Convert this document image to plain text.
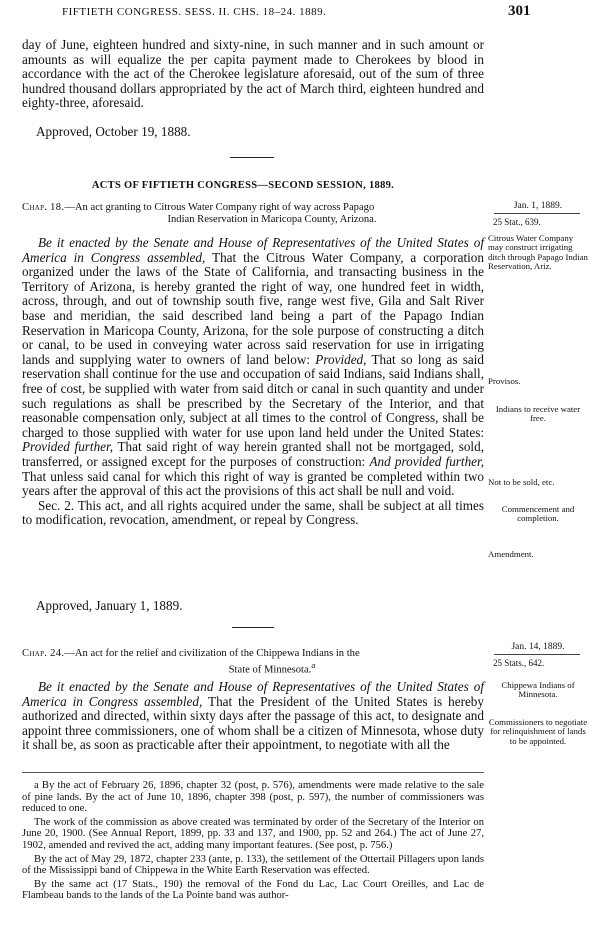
FIFTIETH CONGRESS. SESS. II. CHS. 18–24. 1889.	301

day of June, eighteen hundred and sixty-nine, in such manner and in such amount or amounts as will equalize the per capita payment made to Cherokees by blood in accordance with the act of the Cherokee legislature aforesaid, out of the sum of three hundred thousand dollars appropriated by the act of March third, eighteen hundred and eighty-three, aforesaid.

Approved, October 19, 1888.
ACTS OF FIFTIETH CONGRESS—SECOND SESSION, 1889.
Chap. 18.—An act granting to Citrous Water Company right of way across Papago
Indian Reservation in Maricopa County, Arizona.

Be it enacted by the Senate and House of Representatives of the United States of America in Congress assembled, That the Citrous Water Company, a corporation organized under the laws of the State of California, and transacting business in the Territory of Arizona, is hereby granted the right of way, one hundred feet in width, across, through, and out of township south five, range west five, Gila and Salt River base and meridian, the said described land being a part of the Papago Indian Reservation in Maricopa County, Arizona, for the sole purpose of constructing a ditch or canal, to be used in conveying water across said reservation for use in irrigating lands and supplying water to owners of land below: Provided, That so long as said reservation shall continue for the use and occupation of said Indians, said Indians shall, free of cost, be supplied with water from said ditch or canal in such quantity and under such regulations as shall be prescribed by the Secretary of the Interior, and that reasonable compensation only, subject at all times to the control of Congress, shall be charged to those supplied with water for use upon land held under the United States: Provided further, That said right of way herein granted shall not be mortgaged, sold, transferred, or assigned except for the purposes of construction: And provided further, That unless said canal for which this right of way is granted be completed within two years after the approval of this act the provisions of this act shall be null and void.

Sec. 2. This act, and all rights acquired under the same, shall be subject at all times to modification, revocation, amendment, or repeal by Congress.

Approved, January 1, 1889.
Chap. 24.—An act for the relief and civilization of the Chippewa Indians in the
State of Minnesota.$^a$

Be it enacted by the Senate and House of Representatives of the United States of America in Congress assembled, That the President of the United States is hereby authorized and directed, within sixty days after the passage of this act, to designate and appoint three commissioners, one of whom shall be a citizen of Minnesota, whose duty it shall be, as soon as practicable after their appointment, to negotiate with all the

Jan. 1, 1889.
25 Stat., 639.
Citrous Water Company may construct irrigating ditch through Papago Indian Reservation, Ariz.
Provisos.
Indians to receive water free.
Not to be sold, etc.
Commencement and completion.
Amendment.
Jan. 14, 1889.
25 Stats., 642.
Chippewa Indians of Minnesota.
Commissioners to negotiate for relinquishment of lands to be appointed.

a By the act of February 26, 1896, chapter 32 (post, p. 576), amendments were made relative to the sale of pine lands. By the act of June 10, 1896, chapter 398 (post, p. 597), the number of commissioners was reduced to one.

The work of the commission as above created was terminated by order of the Secretary of the Interior on June 20, 1900. (See Annual Report, 1899, pp. 33 and 137, and 1900, pp. 52 and 264.) The act of June 27, 1902, amended and revived the act, adding many important features. (See post, p. 756.)

By the act of May 29, 1872, chapter 233 (ante, p. 133), the settlement of the Ottertail Pillagers upon lands of the Mississippi band of Chippewa in the White Earth Reservation was effected.

By the same act (17 Stats., 190) the removal of the Fond du Lac, Lac Court Oreilles, and Lac de Flambeau bands to the lands of the La Pointe band was author-
